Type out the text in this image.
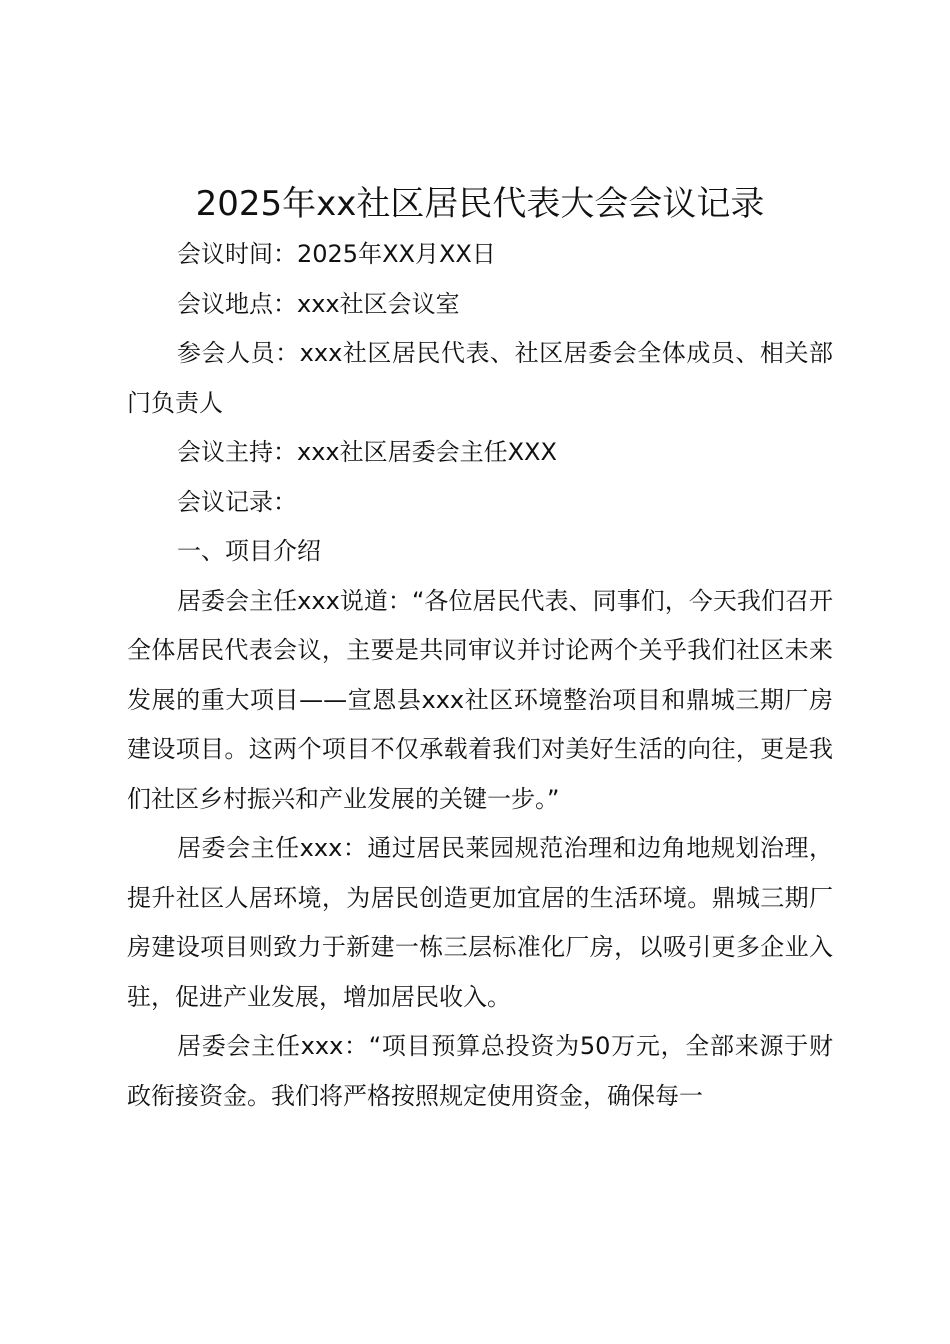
2025年xx社区居民代表大会会议记录

会议时间：2025年XX月XX日

会议地点：xxx社区会议室

参会人员：xxx社区居民代表、社区居委会全体成员、相关部门负责人

会议主持：xxx社区居委会主任XXX

会议记录：

一、项目介绍

居委会主任xxx说道：“各位居民代表、同事们，今天我们召开全体居民代表会议，主要是共同审议并讨论两个关乎我们社区未来发展的重大项目——宣恩县xxx社区环境整治项目和鼎城三期厂房建设项目。这两个项目不仅承载着我们对美好生活的向往，更是我们社区乡村振兴和产业发展的关键一步。”

居委会主任xxx：通过居民莱园规范治理和边角地规划治理，提升社区人居环境，为居民创造更加宜居的生活环境。鼎城三期厂房建设项目则致力于新建一栋三层标准化厂房，以吸引更多企业入驻，促进产业发展，增加居民收入。

居委会主任xxx：“项目预算总投资为50万元，全部来源于财政衔接资金。我们将严格按照规定使用资金，确保每一
